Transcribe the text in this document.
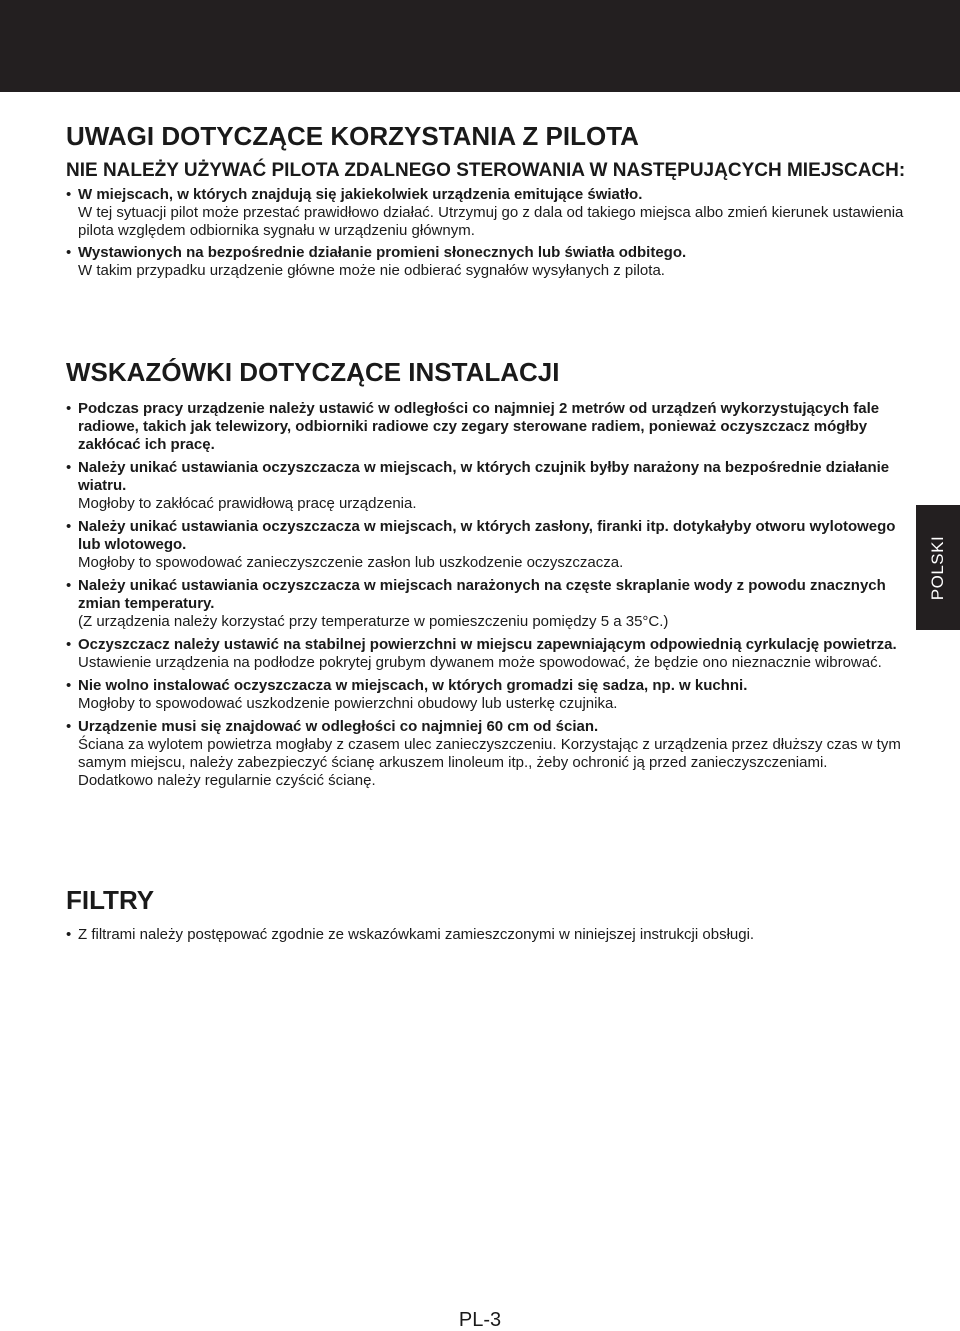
POLSKI
UWAGI DOTYCZĄCE KORZYSTANIA Z PILOTA
NIE NALEŻY UŻYWAĆ PILOTA ZDALNEGO STEROWANIA W NASTĘPUJĄCYCH MIEJSCACH:
• W miejscach, w których znajdują się jakiekolwiek urządzenia emitujące światło.
W tej sytuacji pilot może przestać prawidłowo działać. Utrzymuj go z dala od takiego miejsca albo zmień kierunek ustawienia pilota względem odbiornika sygnału w urządzeniu głównym.
• Wystawionych na bezpośrednie działanie promieni słonecznych lub światła odbitego.
W takim przypadku urządzenie główne może nie odbierać sygnałów wysyłanych z pilota.
WSKAZÓWKI DOTYCZĄCE INSTALACJI
• Podczas pracy urządzenie należy ustawić w odległości co najmniej 2 metrów od urządzeń wykorzystujących fale radiowe, takich jak telewizory, odbiorniki radiowe czy zegary sterowane radiem, ponieważ oczyszczacz mógłby zakłócać ich pracę.
• Należy unikać ustawiania oczyszczacza w miejscach, w których czujnik byłby narażony na bezpośrednie działanie wiatru.
Mogłoby to zakłócać prawidłową pracę urządzenia.
• Należy unikać ustawiania oczyszczacza w miejscach, w których zasłony, firanki itp. dotykałyby otworu wylotowego lub wlotowego.
Mogłoby to spowodować zanieczyszczenie zasłon lub uszkodzenie oczyszczacza.
• Należy unikać ustawiania oczyszczacza w miejscach narażonych na częste skraplanie wody z powodu znacznych zmian temperatury.
(Z urządzenia należy korzystać przy temperaturze w pomieszczeniu pomiędzy 5 a 35°C.)
• Oczyszczacz należy ustawić na stabilnej powierzchni w miejscu zapewniającym odpowiednią cyrkulację powietrza.
Ustawienie urządzenia na podłodze pokrytej grubym dywanem może spowodować, że będzie ono nieznacznie wibrować.
• Nie wolno instalować oczyszczacza w miejscach, w których gromadzi się sadza, np. w kuchni.
Mogłoby to spowodować uszkodzenie powierzchni obudowy lub usterkę czujnika.
• Urządzenie musi się znajdować w odległości co najmniej 60 cm od ścian.
Ściana za wylotem powietrza mogłaby z czasem ulec zanieczyszczeniu. Korzystając z urządzenia przez dłuższy czas w tym samym miejscu, należy zabezpieczyć ścianę arkuszem linoleum itp., żeby ochronić ją przed zanieczyszczeniami. Dodatkowo należy regularnie czyścić ścianę.
FILTRY
• Z filtrami należy postępować zgodnie ze wskazówkami zamieszczonymi w niniejszej instrukcji obsługi.
PL-3
